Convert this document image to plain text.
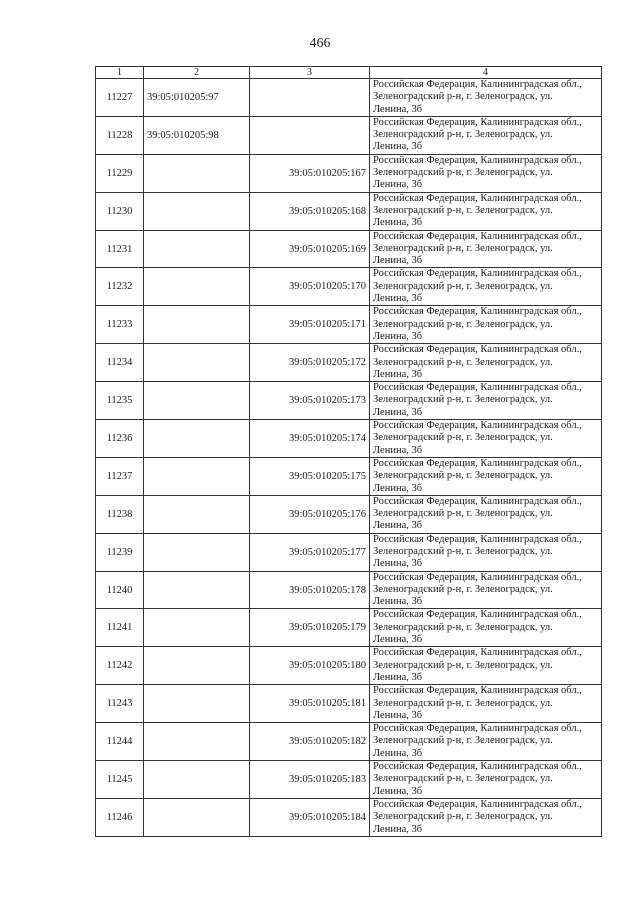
466
1	2	3	4
11227	39:05:010205:97		Российская Федерация, Калининградская обл.,
Зеленоградский р-н, г. Зеленоградск, ул.
Ленина, 3б

11228	39:05:010205:98		Российская Федерация, Калининградская обл.,
Зеленоградский р-н, г. Зеленоградск, ул.
Ленина, 3б

11229		39:05:010205:167	Российская Федерация, Калининградская обл.,
Зеленоградский р-н, г. Зеленоградск, ул.
Ленина, 3б

11230		39:05:010205:168	Российская Федерация, Калининградская обл.,
Зеленоградский р-н, г. Зеленоградск, ул.
Ленина, 3б

11231		39:05:010205:169	Российская Федерация, Калининградская обл.,
Зеленоградский р-н, г. Зеленоградск, ул.
Ленина, 3б

11232		39:05:010205:170	Российская Федерация, Калининградская обл.,
Зеленоградский р-н, г. Зеленоградск, ул.
Ленина, 3б

11233		39:05:010205:171	Российская Федерация, Калининградская обл.,
Зеленоградский р-н, г. Зеленоградск, ул.
Ленина, 3б

11234		39:05:010205:172	Российская Федерация, Калининградская обл.,
Зеленоградский р-н, г. Зеленоградск, ул.
Ленина, 3б

11235		39:05:010205:173	Российская Федерация, Калининградская обл.,
Зеленоградский р-н, г. Зеленоградск, ул.
Ленина, 3б

11236		39:05:010205:174	Российская Федерация, Калининградская обл.,
Зеленоградский р-н, г. Зеленоградск, ул.
Ленина, 3б

11237		39:05:010205:175	Российская Федерация, Калининградская обл.,
Зеленоградский р-н, г. Зеленоградск, ул.
Ленина, 3б

11238		39:05:010205:176	Российская Федерация, Калининградская обл.,
Зеленоградский р-н, г. Зеленоградск, ул.
Ленина, 3б

11239		39:05:010205:177	Российская Федерация, Калининградская обл.,
Зеленоградский р-н, г. Зеленоградск, ул.
Ленина, 3б

11240		39:05:010205:178	Российская Федерация, Калининградская обл.,
Зеленоградский р-н, г. Зеленоградск, ул.
Ленина, 3б

11241		39:05:010205:179	Российская Федерация, Калининградская обл.,
Зеленоградский р-н, г. Зеленоградск, ул.
Ленина, 3б

11242		39:05:010205:180	Российская Федерация, Калининградская обл.,
Зеленоградский р-н, г. Зеленоградск, ул.
Ленина, 3б

11243		39:05:010205:181	Российская Федерация, Калининградская обл.,
Зеленоградский р-н, г. Зеленоградск, ул.
Ленина, 3б

11244		39:05:010205:182	Российская Федерация, Калининградская обл.,
Зеленоградский р-н, г. Зеленоградск, ул.
Ленина, 3б

11245		39:05:010205:183	Российская Федерация, Калининградская обл.,
Зеленоградский р-н, г. Зеленоградск, ул.
Ленина, 3б

11246		39:05:010205:184	Российская Федерация, Калининградская обл.,
Зеленоградский р-н, г. Зеленоградск, ул.
Ленина, 3б
